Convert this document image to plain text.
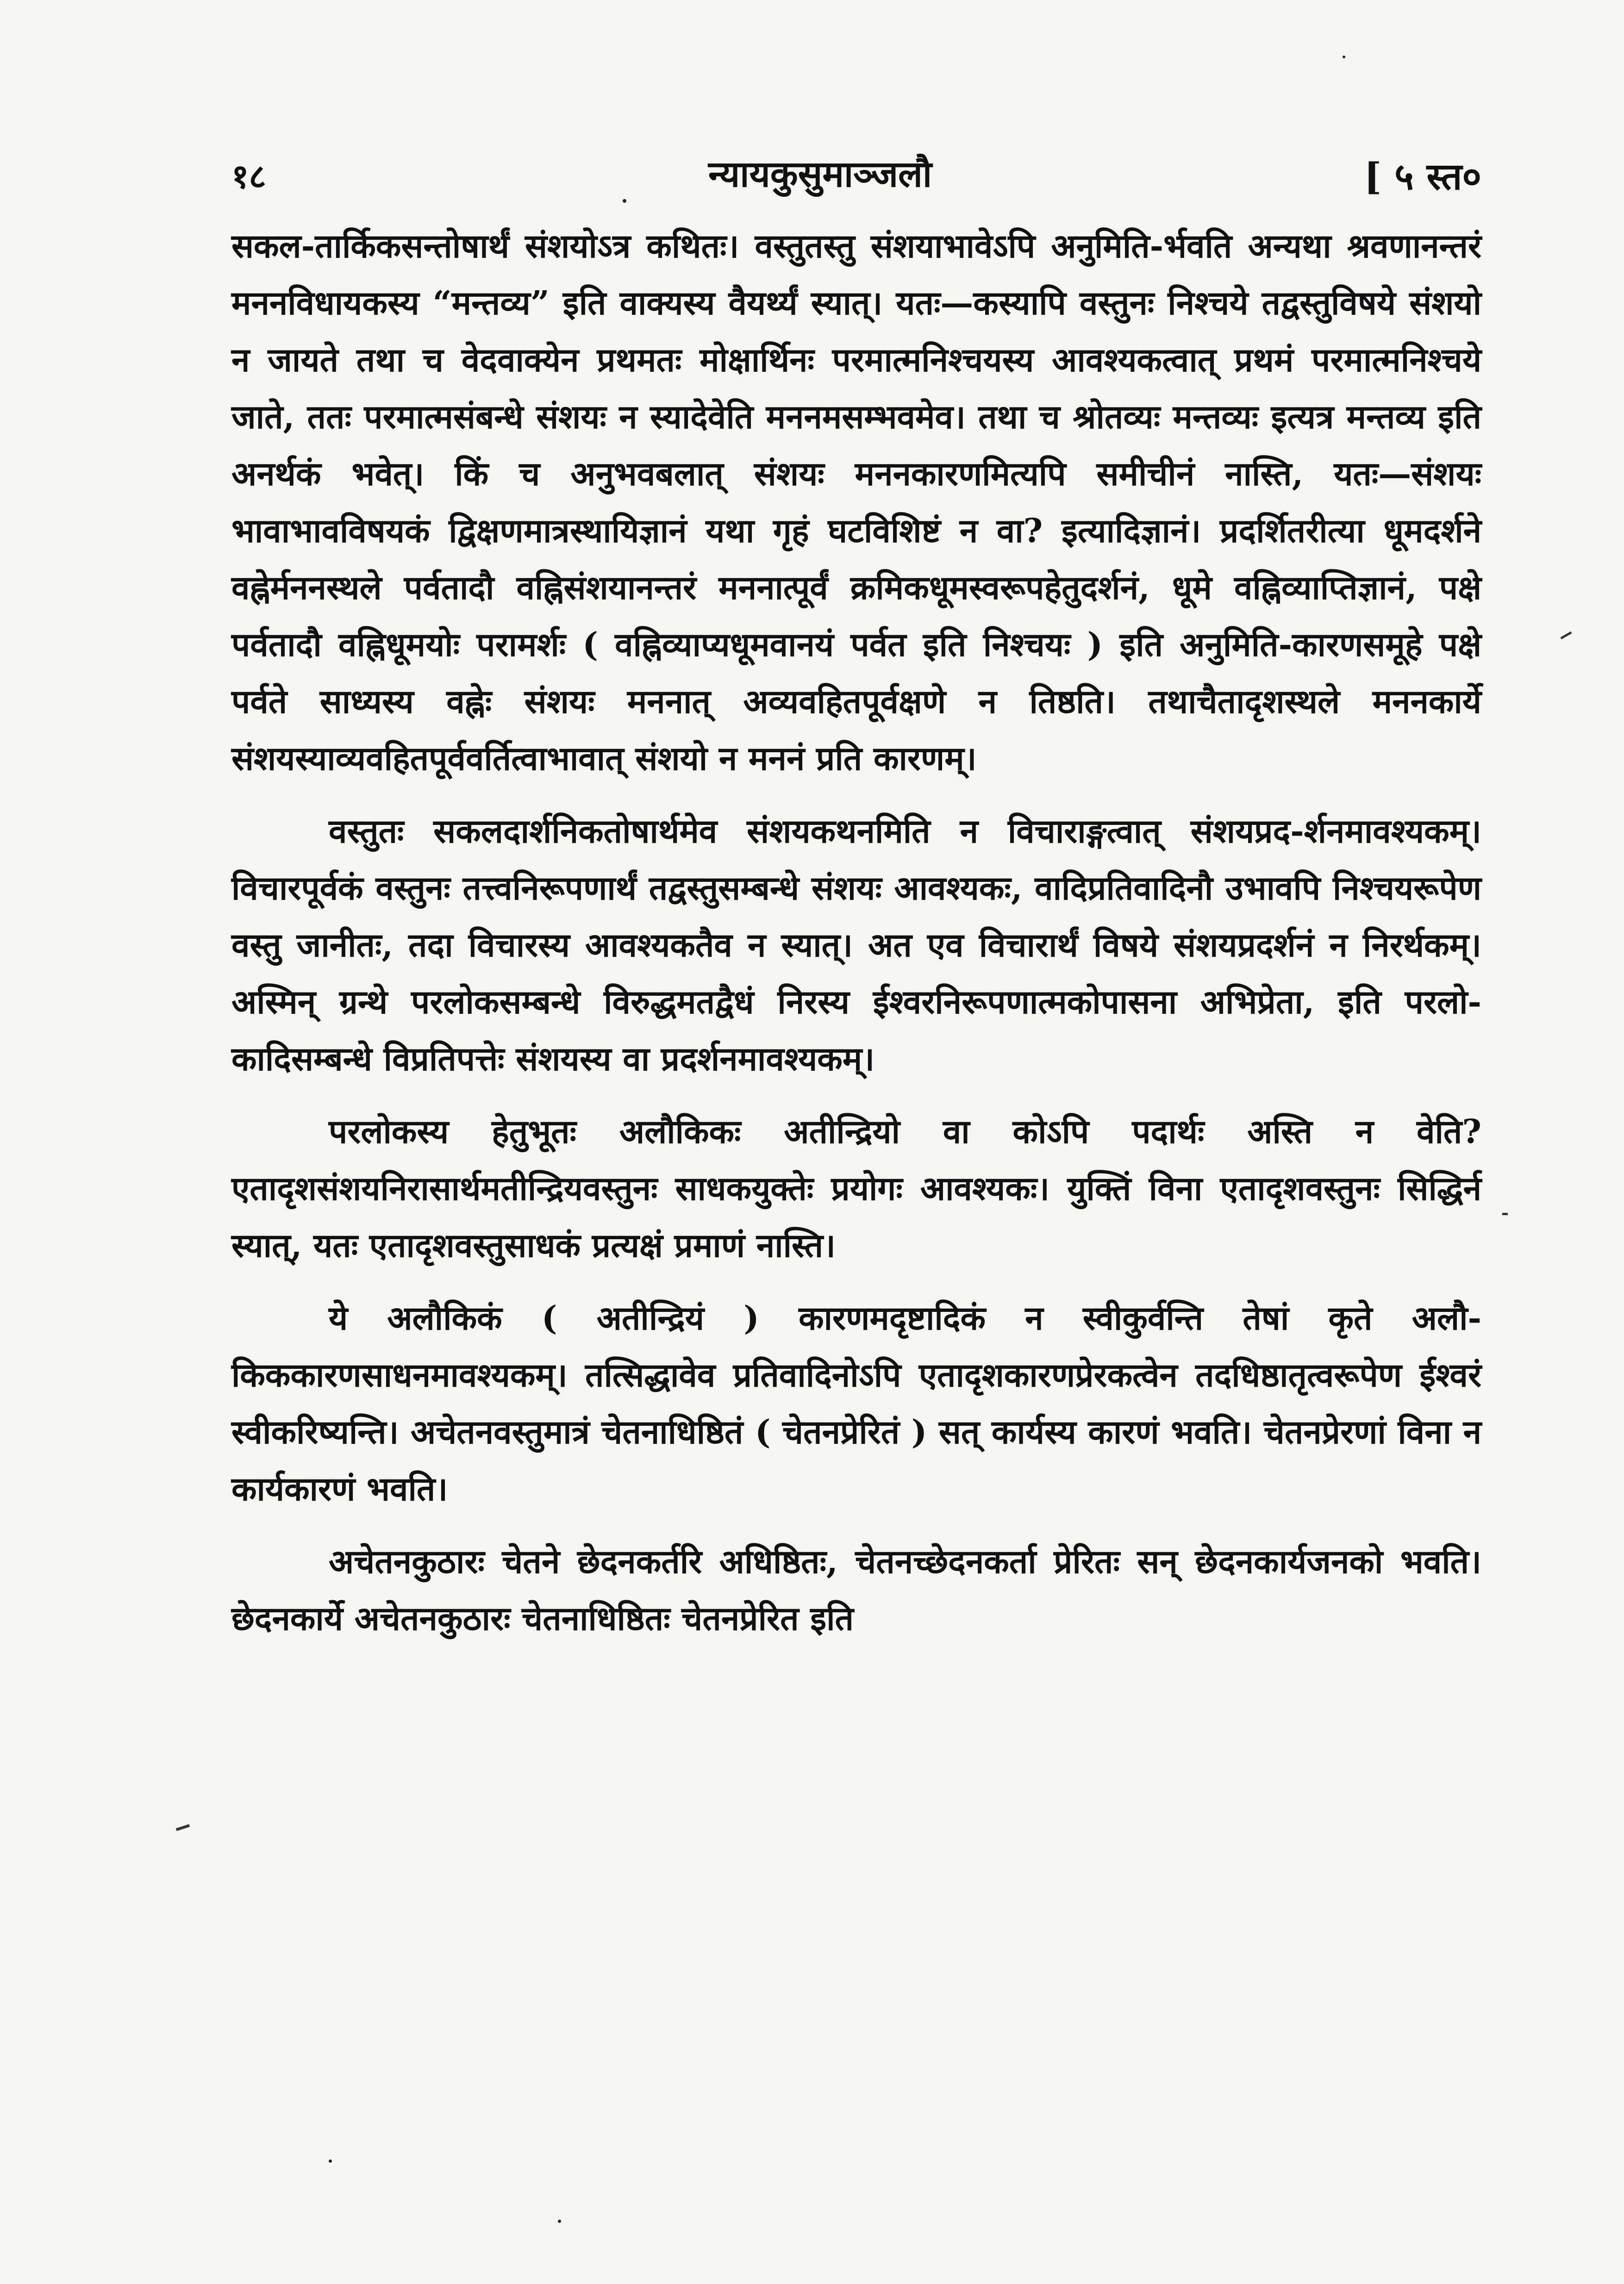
१८	न्यायकुसुमाञ्जलौ	[ ५ स्त०

सकल-तार्किकसन्तोषार्थं संशयोऽत्र कथितः। वस्तुतस्तु संशयाभावेऽपि अनुमिति-र्भवति अन्यथा श्रवणानन्तरं मननविधायकस्य “मन्तव्य” इति वाक्यस्य वैयर्थ्यं स्यात्। यतः—कस्यापि वस्तुनः निश्चये तद्वस्तुविषये संशयो न जायते तथा च वेदवाक्येन प्रथमतः मोक्षार्थिनः परमात्मनिश्चयस्य आवश्यकत्वात् प्रथमं परमात्मनिश्चये जाते, ततः परमात्मसंबन्धे संशयः न स्यादेवेति मननमसम्भवमेव। तथा च श्रोतव्यः मन्तव्यः इत्यत्र मन्तव्य इति अनर्थकं भवेत्। किं च अनुभवबलात् संशयः मननकारणमित्यपि समीचीनं नास्ति, यतः—संशयः भावाभावविषयकं द्विक्षणमात्रस्थायिज्ञानं यथा गृहं घटविशिष्टं न वा? इत्यादिज्ञानं। प्रदर्शितरीत्या धूमदर्शने वह्नेर्मननस्थले पर्वतादौ वह्निसंशयानन्तरं मननात्पूर्वं क्रमिकधूमस्वरूपहेतुदर्शनं, धूमे वह्निव्याप्तिज्ञानं, पक्षे पर्वतादौ वह्निधूमयोः परामर्शः ( वह्निव्याप्यधूमवानयं पर्वत इति निश्चयः ) इति अनुमिति-कारणसमूहे पक्षे पर्वते साध्यस्य वह्नेः संशयः मननात् अव्यवहितपूर्वक्षणे न तिष्ठति। तथाचैतादृशस्थले मननकार्ये संशयस्याव्यवहितपूर्ववर्तित्वाभावात् संशयो न मननं प्रति कारणम्।

वस्तुतः सकलदार्शनिकतोषार्थमेव संशयकथनमिति न विचाराङ्गत्वात् संशयप्रद-र्शनमावश्यकम्। विचारपूर्वकं वस्तुनः तत्त्वनिरूपणार्थं तद्वस्तुसम्बन्धे संशयः आवश्यकः, वादिप्रतिवादिनौ उभावपि निश्चयरूपेण वस्तु जानीतः, तदा विचारस्य आवश्यकतैव न स्यात्। अत एव विचारार्थं विषये संशयप्रदर्शनं न निरर्थकम्। अस्मिन् ग्रन्थे परलोकसम्बन्धे विरुद्धमतद्वैधं निरस्य ईश्वरनिरूपणात्मकोपासना अभिप्रेता, इति परलो-कादिसम्बन्धे विप्रतिपत्तेः संशयस्य वा प्रदर्शनमावश्यकम्।

परलोकस्य हेतुभूतः अलौकिकः अतीन्द्रियो वा कोऽपि पदार्थः अस्ति न वेति? एतादृशसंशयनिरासार्थमतीन्द्रियवस्तुनः साधकयुक्तेः प्रयोगः आवश्यकः। युक्तिं विना एतादृशवस्तुनः सिद्धिर्न स्यात्, यतः एतादृशवस्तुसाधकं प्रत्यक्षं प्रमाणं नास्ति।

ये अलौकिकं ( अतीन्द्रियं ) कारणमदृष्टादिकं न स्वीकुर्वन्ति तेषां कृते अलौ-किककारणसाधनमावश्यकम्। तत्सिद्धावेव प्रतिवादिनोऽपि एतादृशकारणप्रेरकत्वेन तदधिष्ठातृत्वरूपेण ईश्वरं स्वीकरिष्यन्ति। अचेतनवस्तुमात्रं चेतनाधिष्ठितं ( चेतनप्रेरितं ) सत् कार्यस्य कारणं भवति। चेतनप्रेरणां विना न कार्यकारणं भवति।

अचेतनकुठारः चेतने छेदनकर्तरि अधिष्ठितः, चेतनच्छेदनकर्ता प्रेरितः सन् छेदनकार्यजनको भवति। छेदनकार्ये अचेतनकुठारः चेतनाधिष्ठितः चेतनप्रेरित इति
